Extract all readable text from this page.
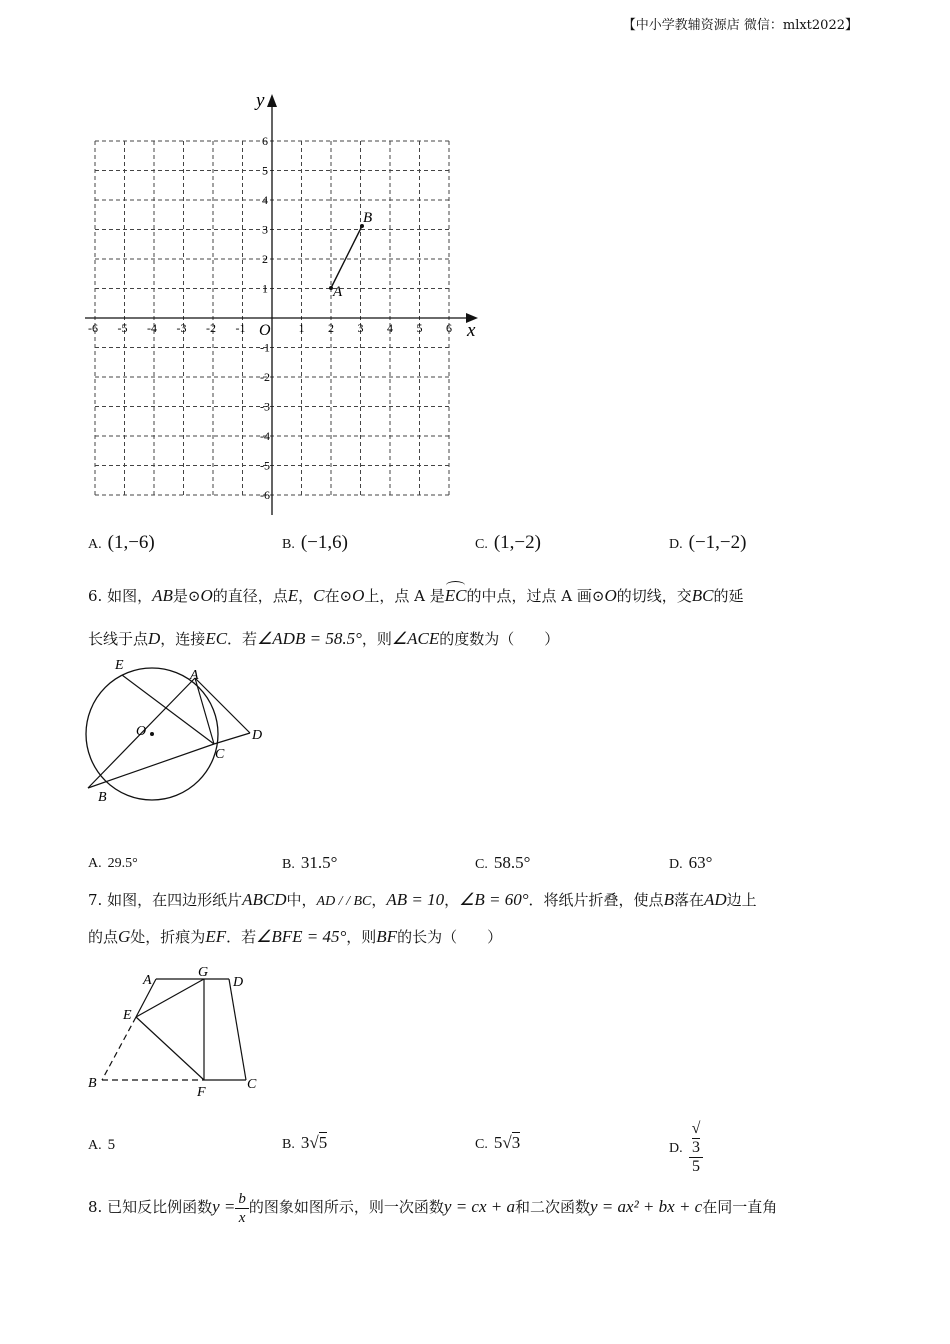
【中小学教辅资源店 微信：mlxt2022】
x
y
O
-6 -5 -4 -3 -2 -1	1 2 3 4 5 6
6
5
4
3
2
1
-1
-2
-3
-4
-5
-6
A
B
A. (1,−6)	B. (−1,6)	C. (1,−2)	D. (−1,−2)
6. 如图，AB是⊙O的直径，点E，C在⊙O上，点 A 是
EC的中点，过点 A 画⊙O的切线，交BC的延
长线于点D，连接EC．若∠ADB = 58.5°，则∠ACE的度数为（　　）
E
A
O	D
C
B
A. 29.5°	B. 31.5°	C. 58.5°	D. 63°
7. 如图，在四边形纸片ABCD中，AD / / BC，AB = 10，∠B = 60°．将纸片折叠，使点B落在AD边上
的点G处，折痕为EF．若∠BFE = 45°，则BF的长为（　　）
A
G
D
E
B
F
C
A. 5	B. 3√5	C. 5√3	D. √
3
5
8. 已知反比例函数$y = \frac{b}{x}$ 的图象如图所示，则一次函数y = cx + a和二次函数y = ax² + bx + c在同一直角
